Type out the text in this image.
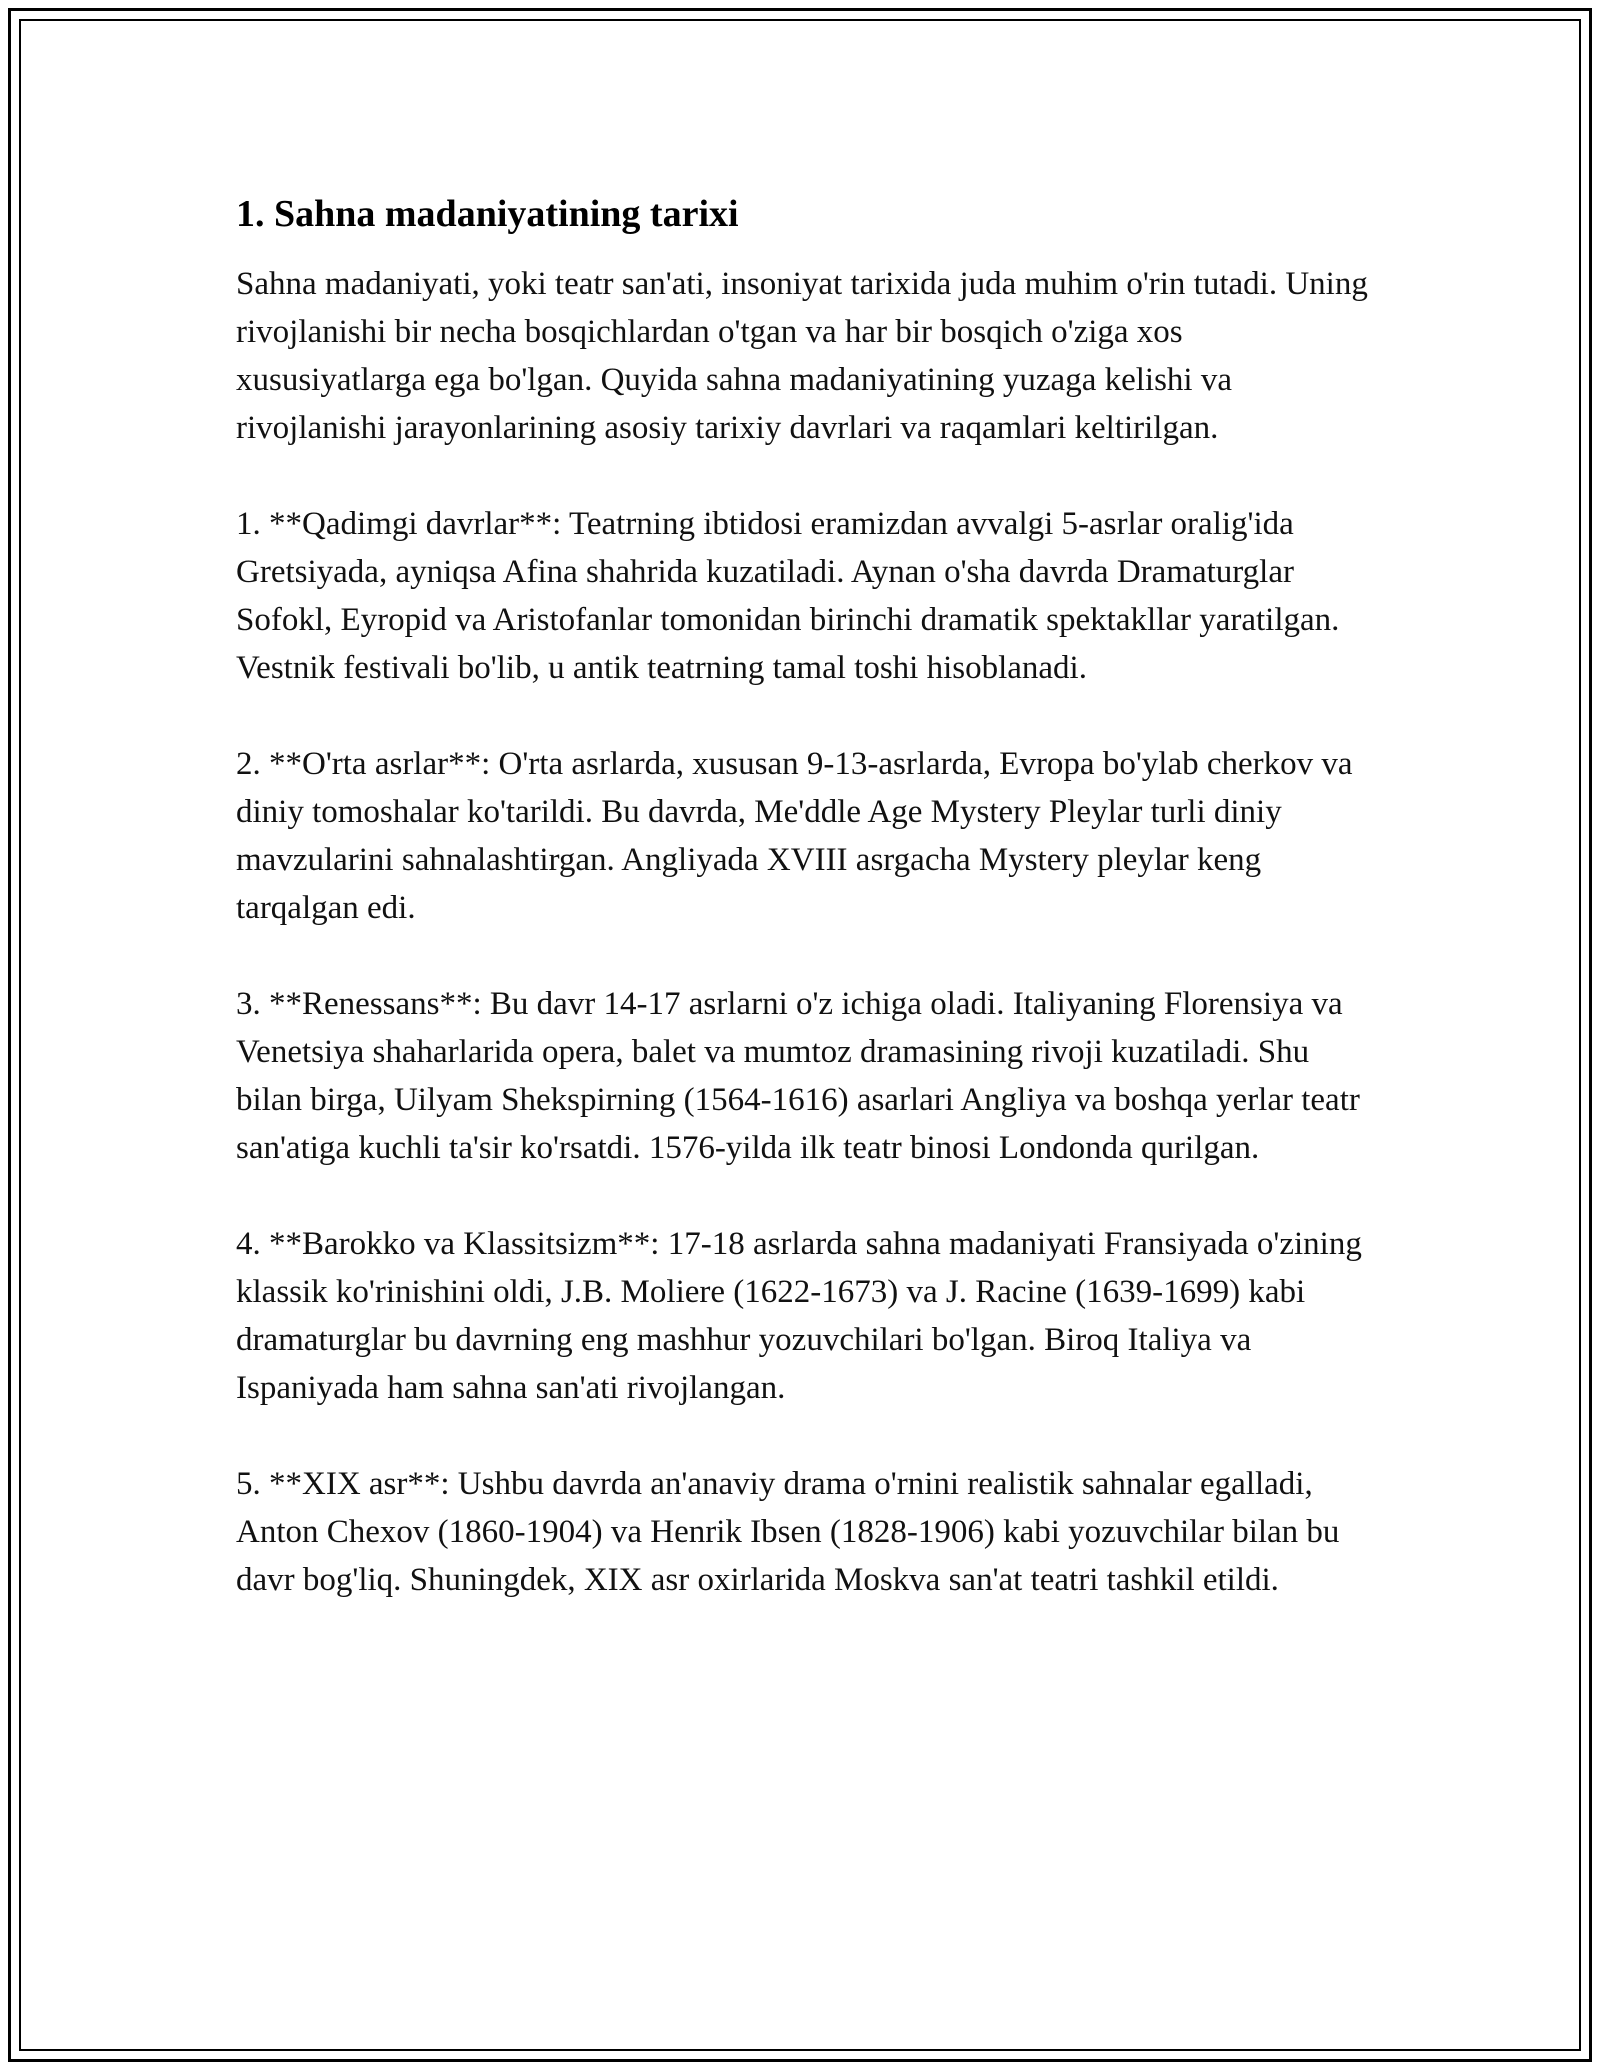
1. Sahna madaniyatining tarixi

Sahna madaniyati, yoki teatr san'ati, insoniyat tarixida juda muhim o'rin tutadi. Uning rivojlanishi bir necha bosqichlardan o'tgan va har bir bosqich o'ziga xos xususiyatlarga ega bo'lgan. Quyida sahna madaniyatining yuzaga kelishi va rivojlanishi jarayonlarining asosiy tarixiy davrlari va raqamlari keltirilgan.

1. **Qadimgi davrlar**: Teatrning ibtidosi eramizdan avvalgi 5-asrlar oralig'ida Gretsiyada, ayniqsa Afina shahrida kuzatiladi. Aynan o'sha davrda Dramaturglar Sofokl, Eyropid va Aristofanlar tomonidan birinchi dramatik spektakllar yaratilgan. Vestnik festivali bo'lib, u antik teatrning tamal toshi hisoblanadi.

2. **O'rta asrlar**: O'rta asrlarda, xususan 9-13-asrlarda, Evropa bo'ylab cherkov va diniy tomoshalar ko'tarildi. Bu davrda, Me'ddle Age Mystery Pleylar turli diniy mavzularini sahnalashtirgan. Angliyada XVIII asrgacha Mystery pleylar keng tarqalgan edi.

3. **Renessans**: Bu davr 14-17 asrlarni o'z ichiga oladi. Italiyaning Florensiya va Venetsiya shaharlarida opera, balet va mumtoz dramasining rivoji kuzatiladi. Shu bilan birga, Uilyam Shekspirning (1564-1616) asarlari Angliya va boshqa yerlar teatr san'atiga kuchli ta'sir ko'rsatdi. 1576-yilda ilk teatr binosi Londonda qurilgan.

4. **Barokko va Klassitsizm**: 17-18 asrlarda sahna madaniyati Fransiyada o'zining klassik ko'rinishini oldi, J.B. Moliere (1622-1673) va J. Racine (1639-1699) kabi dramaturglar bu davrning eng mashhur yozuvchilari bo'lgan. Biroq Italiya va Ispaniyada ham sahna san'ati rivojlangan.

5. **XIX asr**: Ushbu davrda an'anaviy drama o'rnini realistik sahnalar egalladi, Anton Chexov (1860-1904) va Henrik Ibsen (1828-1906) kabi yozuvchilar bilan bu davr bog'liq. Shuningdek, XIX asr oxirlarida Moskva san'at teatri tashkil etildi.
